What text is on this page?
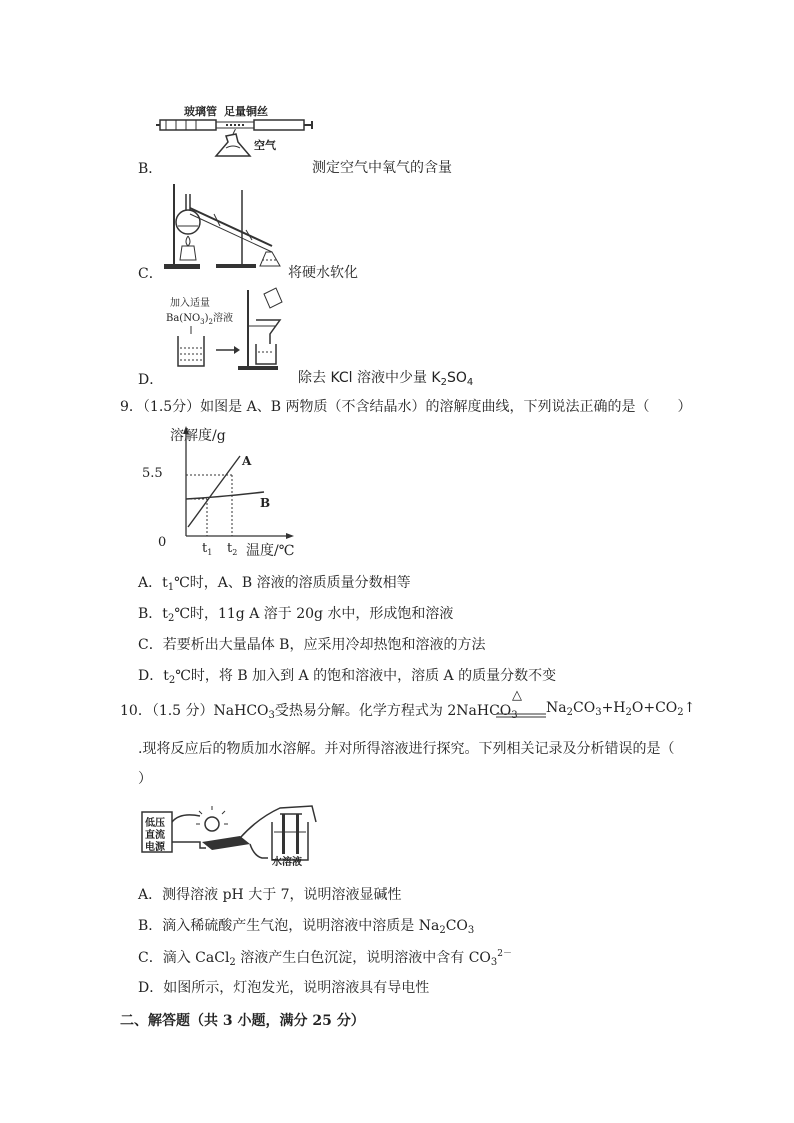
玻璃管 足量铜丝
空气
B．	测定空气中氧气的含量
C．	将硬水软化
加入适量
$Ba(NO_3)_2$溶液
D．	除去 KCl 溶液中少量 $K_2SO_4$
9．（1.5分）如图是 A、B 两物质（不含结晶水）的溶解度曲线，下列说法正确的是（　　）
溶解度/g
5.5
0
A
B
$t_1$ $t_2$ 温度/℃
A．$t_1℃$时，A、B 溶液的溶质质量分数相等
B．$t_2℃$时，11g A 溶于 20g 水中，形成饱和溶液
C．若要析出大量晶体 B，应采用冷却热饱和溶液的方法
D．$t_2℃$时，将 B 加入到 A 的饱和溶液中，溶质 A 的质量分数不变
10．（1.5 分）NaHCO$_3$受热易分解。化学方程式为 2NaHCO$_3$
△
$Na_2CO_3+H_2O+CO_2↑$
.现将反应后的物质加水溶解。并对所得溶液进行探究。下列相关记录及分析错误的是（
）
低压
直流
电源
水溶液
A．测得溶液 pH 大于 7，说明溶液显碱性
B．滴入稀硫酸产生气泡，说明溶液中溶质是 $Na_2CO_3$
C．滴入 CaCl$_2$ 溶液产生白色沉淀，说明溶液中含有 $CO_3^{2-}$
D．如图所示，灯泡发光，说明溶液具有导电性
二、解答题（共 3 小题，满分 25 分）
